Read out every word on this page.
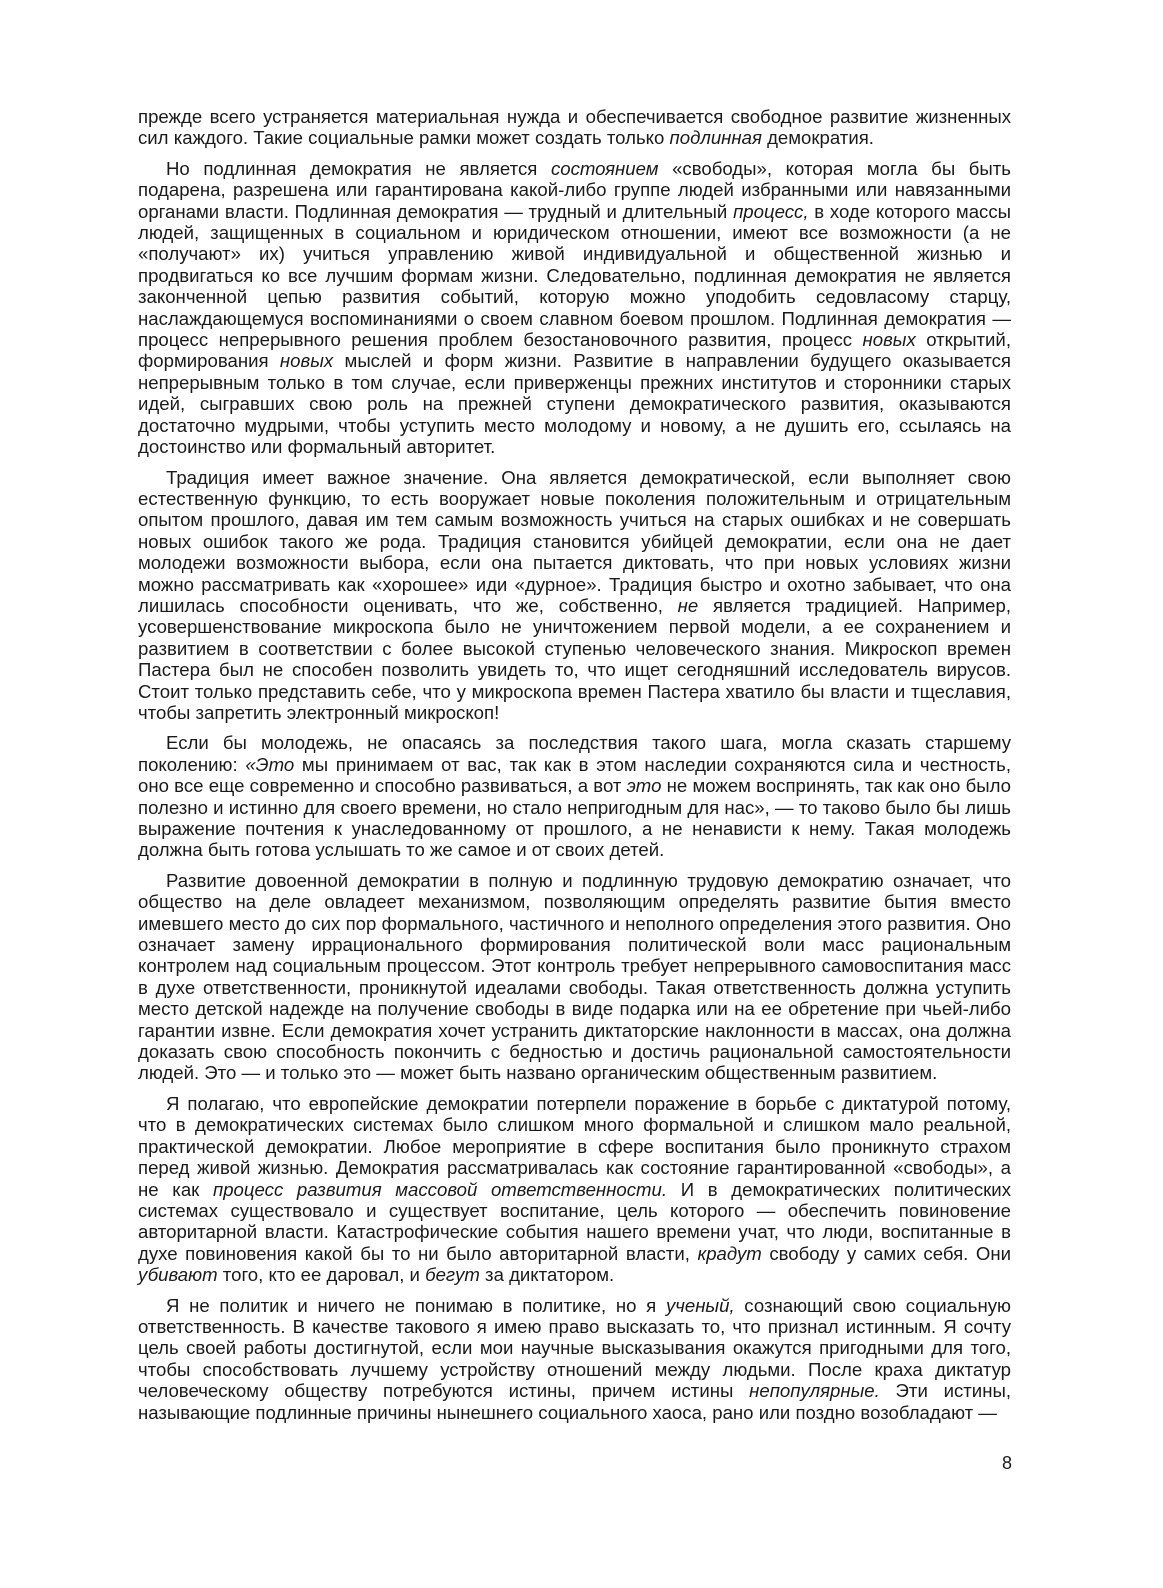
прежде всего устраняется материальная нужда и обеспечивается свободное развитие жизненных сил каждого. Такие социальные рамки может создать только подлинная демократия.

Но подлинная демократия не является состоянием «свободы», которая могла бы быть подарена, разрешена или гарантирована какой-либо группе людей избранными или навязанными органами власти. Подлинная демократия — трудный и длительный процесс, в ходе которого массы людей, защищенных в социальном и юридическом отношении, имеют все возможности (а не «получают» их) учиться управлению живой индивидуальной и общественной жизнью и продвигаться ко все лучшим формам жизни. Следовательно, подлинная демократия не является законченной цепью развития событий, которую можно уподобить седовласому старцу, наслаждающемуся воспоминаниями о своем славном боевом прошлом. Подлинная демократия — процесс непрерывного решения проблем безостановочного развития, процесс новых открытий, формирования новых мыслей и форм жизни. Развитие в направлении будущего оказывается непрерывным только в том случае, если приверженцы прежних институтов и сторонники старых идей, сыгравших свою роль на прежней ступени демократического развития, оказываются достаточно мудрыми, чтобы уступить место молодому и новому, а не душить его, ссылаясь на достоинство или формальный авторитет.

Традиция имеет важное значение. Она является демократической, если выполняет свою естественную функцию, то есть вооружает новые поколения положительным и отрицательным опытом прошлого, давая им тем самым возможность учиться на старых ошибках и не совершать новых ошибок такого же рода. Традиция становится убийцей демократии, если она не дает молодежи возможности выбора, если она пытается диктовать, что при новых условиях жизни можно рассматривать как «хорошее» иди «дурное». Традиция быстро и охотно забывает, что она лишилась способности оценивать, что же, собственно, не является традицией. Например, усовершенствование микроскопа было не уничтожением первой модели, а ее сохранением и развитием в соответствии с более высокой ступенью человеческого знания. Микроскоп времен Пастера был не способен позволить увидеть то, что ищет сегодняшний исследователь вирусов. Стоит только представить себе, что у микроскопа времен Пастера хватило бы власти и тщеславия, чтобы запретить электронный микроскоп!

Если бы молодежь, не опасаясь за последствия такого шага, могла сказать старшему поколению: «Это мы принимаем от вас, так как в этом наследии сохраняются сила и честность, оно все еще современно и способно развиваться, а вот это не можем воспринять, так как оно было полезно и истинно для своего времени, но стало непригодным для нас», — то таково было бы лишь выражение почтения к унаследованному от прошлого, а не ненависти к нему. Такая молодежь должна быть готова услышать то же самое и от своих детей.

Развитие довоенной демократии в полную и подлинную трудовую демократию означает, что общество на деле овладеет механизмом, позволяющим определять развитие бытия вместо имевшего место до сих пор формального, частичного и неполного определения этого развития. Оно означает замену иррационального формирования политической воли масс рациональным контролем над социальным процессом. Этот контроль требует непрерывного самовоспитания масс в духе ответственности, проникнутой идеалами свободы. Такая ответственность должна уступить место детской надежде на получение свободы в виде подарка или на ее обретение при чьей-либо гарантии извне. Если демократия хочет устранить диктаторские наклонности в массах, она должна доказать свою способность покончить с бедностью и достичь рациональной самостоятельности людей. Это — и только это — может быть названо органическим общественным развитием.

Я полагаю, что европейские демократии потерпели поражение в борьбе с диктатурой потому, что в демократических системах было слишком много формальной и слишком мало реальной, практической демократии. Любое мероприятие в сфере воспитания было проникнуто страхом перед живой жизнью. Демократия рассматривалась как состояние гарантированной «свободы», а не как процесс развития массовой ответственности. И в демократических политических системах существовало и существует воспитание, цель которого — обеспечить повиновение авторитарной власти. Катастрофические события нашего времени учат, что люди, воспитанные в духе повиновения какой бы то ни было авторитарной власти, крадут свободу у самих себя. Они убивают того, кто ее даровал, и бегут за диктатором.

Я не политик и ничего не понимаю в политике, но я ученый, сознающий свою социальную ответственность. В качестве такового я имею право высказать то, что признал истинным. Я сочту цель своей работы достигнутой, если мои научные высказывания окажутся пригодными для того, чтобы способствовать лучшему устройству отношений между людьми. После краха диктатур человеческому обществу потребуются истины, причем истины непопулярные. Эти истины, называющие подлинные причины нынешнего социального хаоса, рано или поздно возобладают —

8
